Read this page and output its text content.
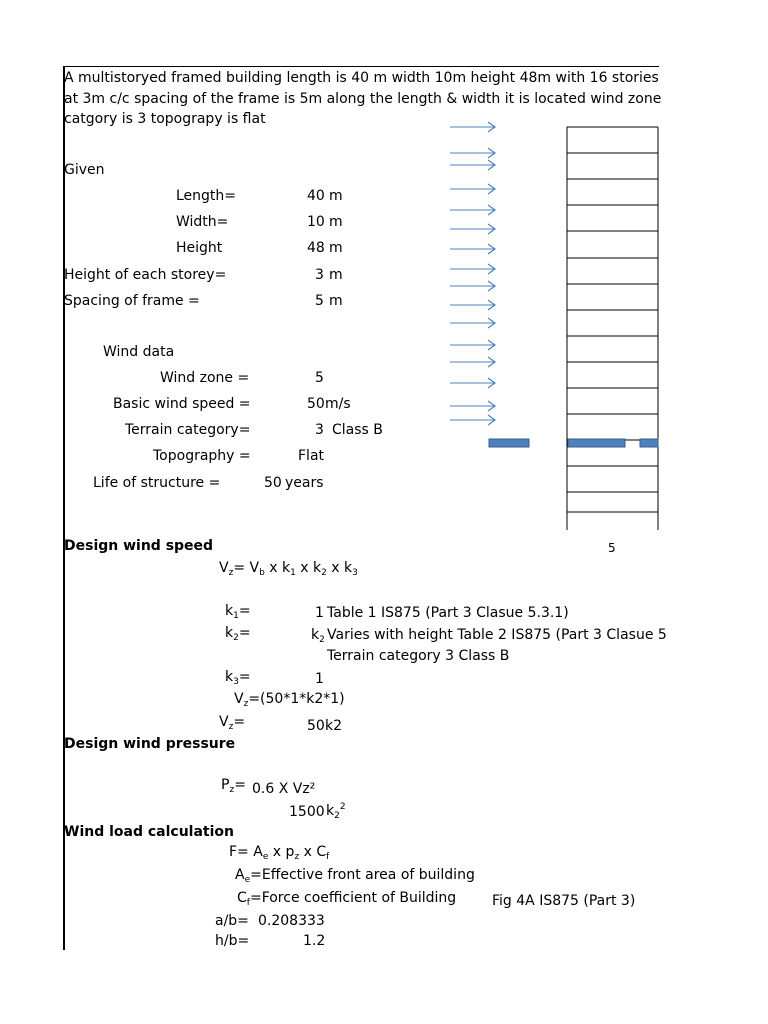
A multistoryed framed building length is 40 m width 10m height 48m with 16 stories
at 3m c/c spacing of the frame is 5m along the length & width it is located wind zone
catgory is 3 topograpy is flat
Given
Length=	40 m
Width=	10 m
Height	48 m
Height of each storey=	3 m
Spacing of frame =	5 m
Wind data
Wind zone =	5
Basic wind speed =	50 m/s
Terrain category=	3 Class B
Topography =	Flat
Life of structure =	50 years
5
Design wind speed
$V_z= V_b$ x $k_1$ x $k_2$ x $k_3$
$k_1=$	1 Table 1 IS875 (Part 3 Clasue 5.3.1)
$k_2=$	$k_2$ Varies with height Table 2 IS875 (Part 3 Clasue 5
Terrain category 3 Class B
$k_3=$	1
$V_z=(50*1*k2*1)$
$V_z=$	50 k2
Design wind pressure
$P_z= 0.6$ X Vz²
1500 $k_2^2$
Wind load calculation
$F= A_e$ x $p_z$ x $C_f$
$A_e=Effective$ front area of building
$C_f=Force$ coefficient of Building	Fig 4A IS875 (Part 3)
a/b= 0.208333
h/b=	1.2
